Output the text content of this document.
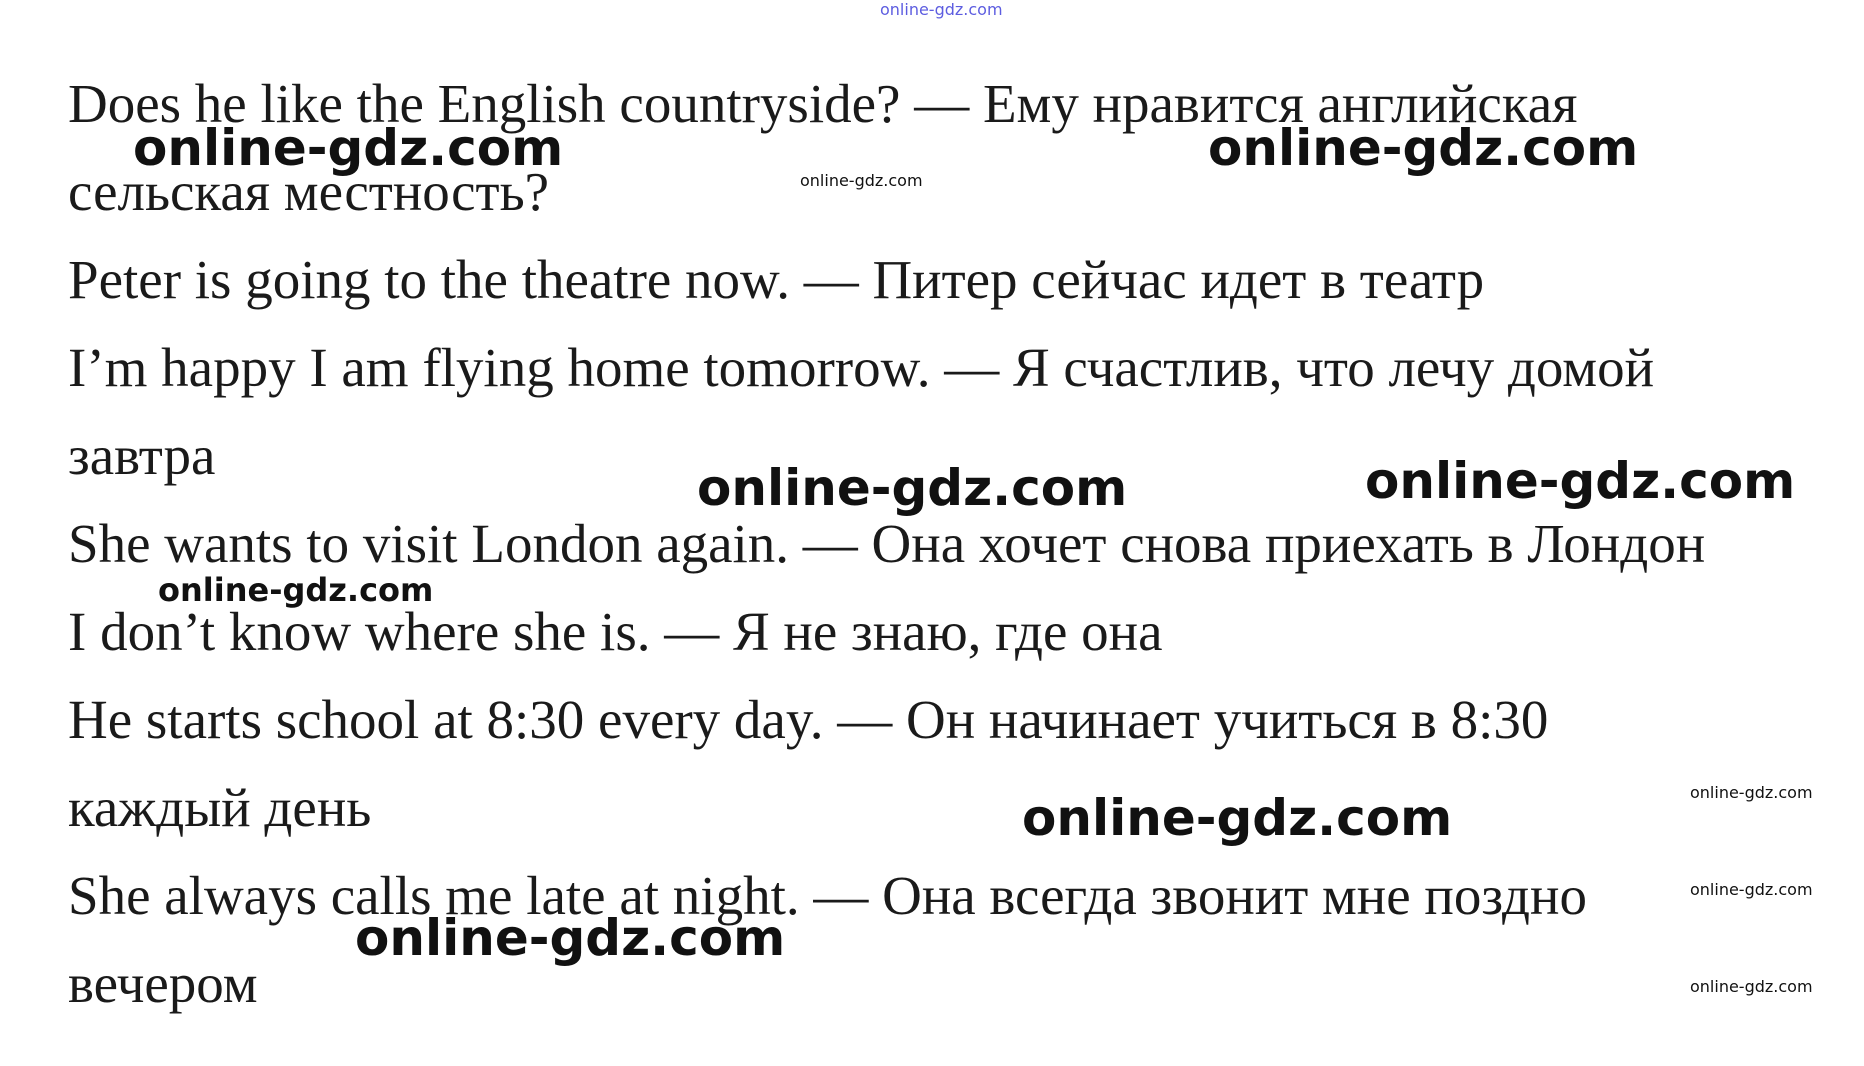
online-gdz.com

Does he like the English countryside? — Ему нравится английская

сельская местность?

Peter is going to the theatre now. — Питер сейчас идет в театр

I’m happy I am flying home tomorrow. — Я счастлив, что лечу домой

завтра

She wants to visit London again. — Она хочет снова приехать в Лондон

I don’t know where she is. — Я не знаю, где она

He starts school at 8:30 every day. — Он начинает учиться в 8:30

каждый день

She always calls me late at night. — Она всегда звонит мне поздно

вечером

online-gdz.com	online-gdz.com
online-gdz.com
online-gdz.com	online-gdz.com
online-gdz.com
online-gdz.com
online-gdz.com
online-gdz.com
online-gdz.com
online-gdz.com
